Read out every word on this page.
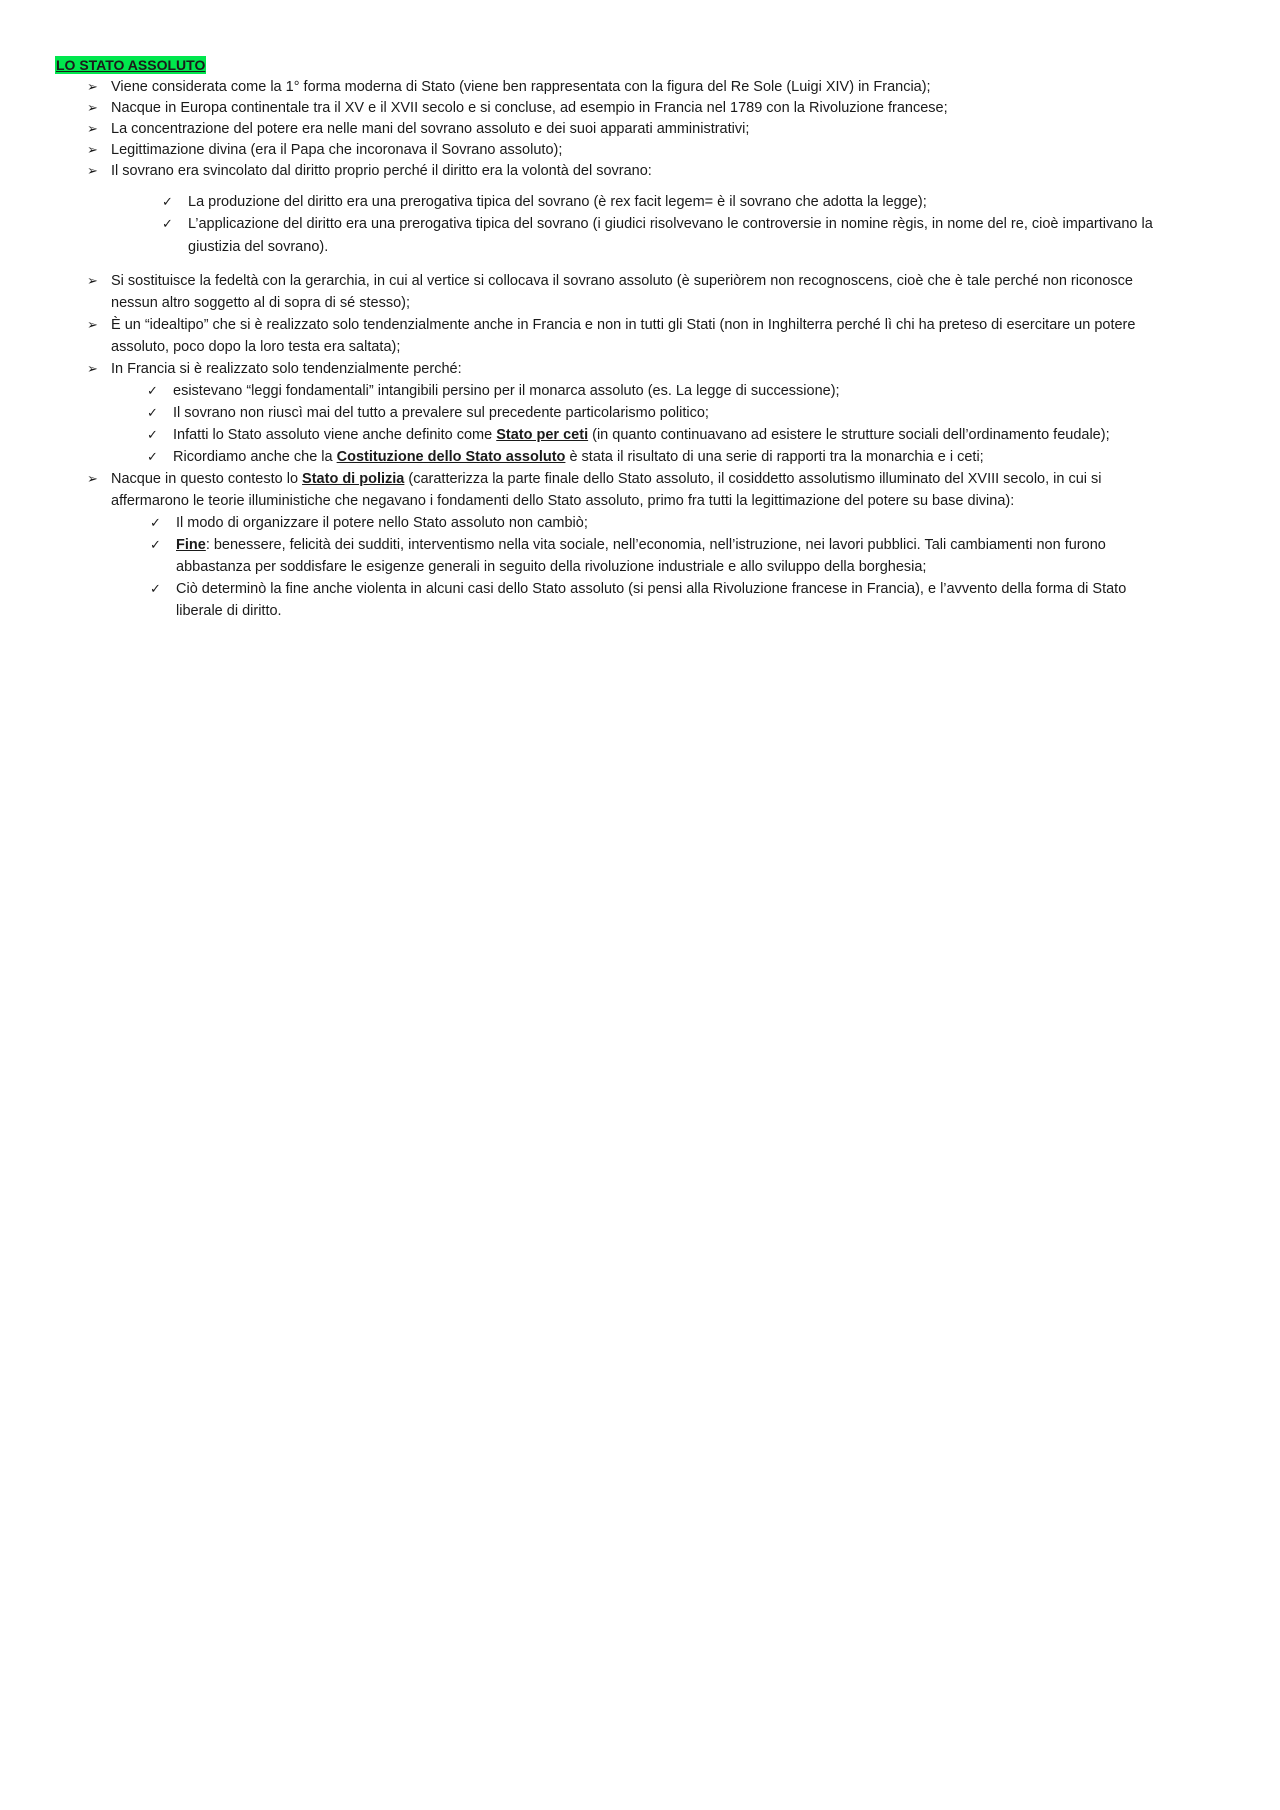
LO STATO ASSOLUTO
➢ Viene considerata come la 1° forma moderna di Stato (viene ben rappresentata con la figura del Re Sole (Luigi XIV) in Francia);
➢ Nacque in Europa continentale tra il XV e il XVII secolo e si concluse, ad esempio in Francia nel 1789 con la Rivoluzione francese;
➢ La concentrazione del potere era nelle mani del sovrano assoluto e dei suoi apparati amministrativi;
➢ Legittimazione divina (era il Papa che incoronava il Sovrano assoluto);
➢ Il sovrano era svincolato dal diritto proprio perché il diritto era la volontà del sovrano:
✓ La produzione del diritto era una prerogativa tipica del sovrano (è rex facit legem= è il sovrano che adotta la legge);
✓ L’applicazione del diritto era una prerogativa tipica del sovrano (i giudici risolvevano le controversie in nomine règis, in nome del re, cioè impartivano la
giustizia del sovrano).
➢ Si sostituisce la fedeltà con la gerarchia, in cui al vertice si collocava il sovrano assoluto (è superiòrem non recognoscens, cioè che è tale perché non riconosce
nessun altro soggetto al di sopra di sé stesso);
➢ È un “idealtipo” che si è realizzato solo tendenzialmente anche in Francia e non in tutti gli Stati (non in Inghilterra perché lì chi ha preteso di esercitare un potere
assoluto, poco dopo la loro testa era saltata);
➢ In Francia si è realizzato solo tendenzialmente perché:
✓ esistevano “leggi fondamentali” intangibili persino per il monarca assoluto (es. La legge di successione);
✓ Il sovrano non riuscì mai del tutto a prevalere sul precedente particolarismo politico;
✓ Infatti lo Stato assoluto viene anche definito come Stato per ceti (in quanto continuavano ad esistere le strutture sociali dell’ordinamento feudale);
✓ Ricordiamo anche che la Costituzione dello Stato assoluto è stata il risultato di una serie di rapporti tra la monarchia e i ceti;
➢ Nacque in questo contesto lo Stato di polizia (caratterizza la parte finale dello Stato assoluto, il cosiddetto assolutismo illuminato del XVIII secolo, in cui si
affermarono le teorie illuministiche che negavano i fondamenti dello Stato assoluto, primo fra tutti la legittimazione del potere su base divina):
✓ Il modo di organizzare il potere nello Stato assoluto non cambiò;
✓ Fine: benessere, felicità dei sudditi, interventismo nella vita sociale, nell’economia, nell’istruzione, nei lavori pubblici. Tali cambiamenti non furono
abbastanza per soddisfare le esigenze generali in seguito della rivoluzione industriale e allo sviluppo della borghesia;
✓ Ciò determinò la fine anche violenta in alcuni casi dello Stato assoluto (si pensi alla Rivoluzione francese in Francia), e l’avvento della forma di Stato
liberale di diritto.
